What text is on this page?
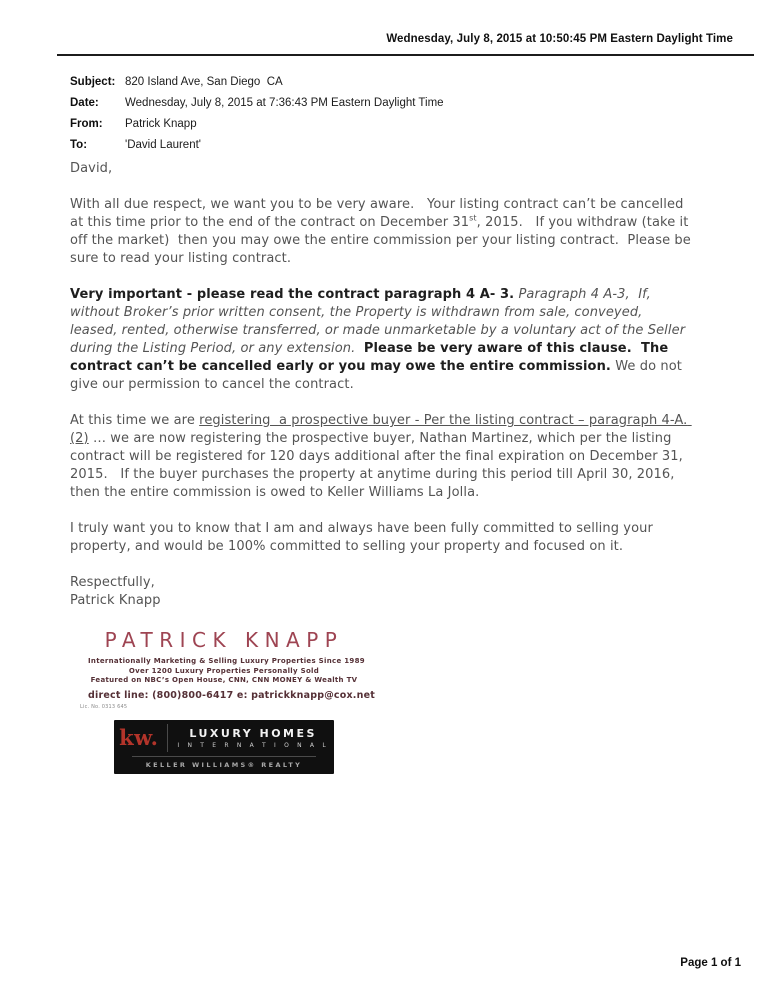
Wednesday, July 8, 2015 at 10:50:45 PM Eastern Daylight Time
Subject: 820 Island Ave, San Diego  CA
Date:	Wednesday, July 8, 2015 at 7:36:43 PM Eastern Daylight Time
From:	Patrick Knapp
To:	'David Laurent'

David,

With all due respect, we want you to be very aware.   Your listing contract can’t be cancelled at this time prior to the end of the contract on December 31st, 2015.   If you withdraw (take it off the market)  then you may owe the entire commission per your listing contract.  Please be sure to read your listing contract.

Very important - please read the contract paragraph 4 A- 3. Paragraph 4 A-3,  If, without Broker’s prior written consent, the Property is withdrawn from sale, conveyed, leased, rented, otherwise transferred, or made unmarketable by a voluntary act of the Seller during the Listing Period, or any extension. Please be very aware of this clause.  The contract can’t be cancelled early or you may owe the entire commission. We do not give our permission to cancel the contract.

At this time we are registering  a prospective buyer - Per the listing contract – paragraph 4-A. (2) … we are now registering the prospective buyer, Nathan Martinez, which per the listing contract will be registered for 120 days additional after the final expiration on December 31, 2015.   If the buyer purchases the property at anytime during this period till April 30, 2016, then the entire commission is owed to Keller Williams La Jolla.

I truly want you to know that I am and always have been fully committed to selling your property, and would be 100% committed to selling your property and focused on it.

Respectfully,
Patrick Knapp

PATRICK KNAPP
Internationally Marketing & Selling Luxury Properties Since 1989
Over 1200 Luxury Properties Personally Sold
Featured on NBC’s Open House, CNN, CNN MONEY & Wealth TV
direct line: (800)800-6417 e: patrickknapp@cox.net
Lic. No. 0313 645
kw.	LUXURY HOMES
I N T E R N A T I O N A L
KELLER WILLIAMS® REALTY
Page 1 of 1
